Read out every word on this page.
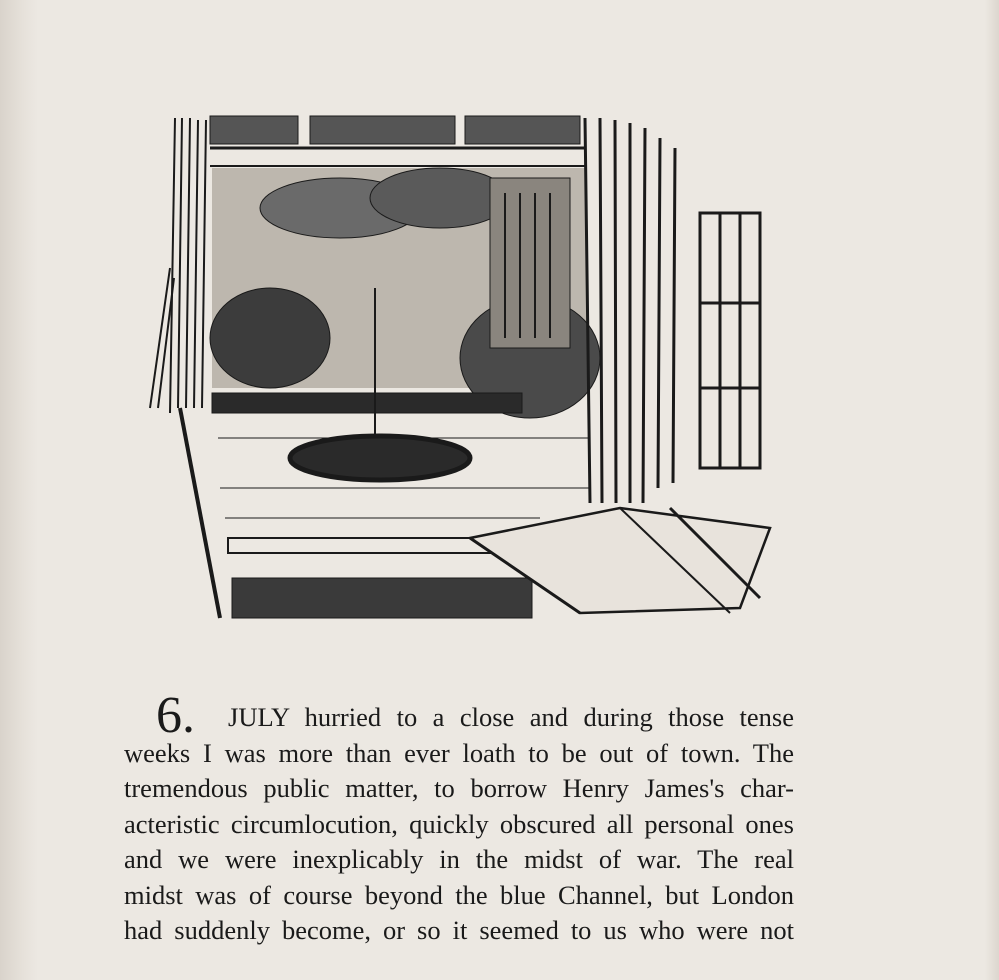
6.	JULY hurried to a close and during those tense
weeks I was more than ever loath to be out of town. The
tremendous public matter, to borrow Henry James's char-
acteristic circumlocution, quickly obscured all personal ones
and we were inexplicably in the midst of war. The real
midst was of course beyond the blue Channel, but London
had suddenly become, or so it seemed to us who were not
